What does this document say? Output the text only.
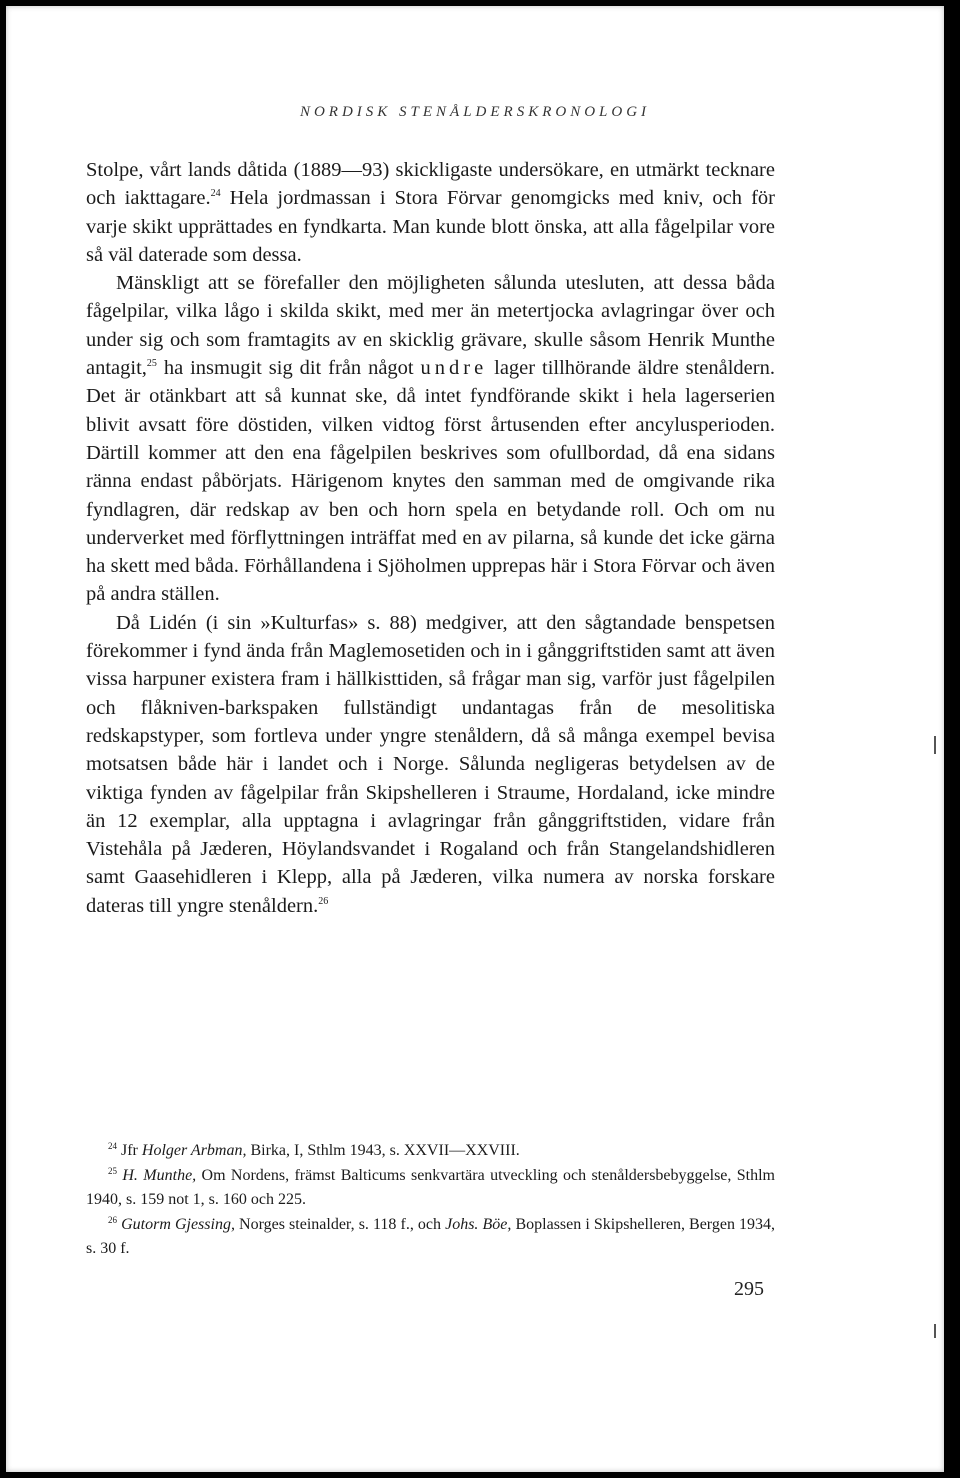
NORDISK STENÅLDERSKRONOLOGI

Stolpe, vårt lands dåtida (1889—93) skickligaste undersökare, en utmärkt tecknare och iakttagare.$^{24}$ Hela jordmassan i Stora Förvar genomgicks med kniv, och för varje skikt upprättades en fyndkarta. Man kunde blott önska, att alla fågelpilar vore så väl daterade som dessa.

Mänskligt att se förefaller den möjligheten sålunda utesluten, att dessa båda fågelpilar, vilka lågo i skilda skikt, med mer än metertjocka avlagringar över och under sig och som framtagits av en skicklig grävare, skulle såsom Henrik Munthe antagit,$^{25}$ ha insmugit sig dit från något undre lager tillhörande äldre stenåldern. Det är otänkbart att så kunnat ske, då intet fyndförande skikt i hela lagerserien blivit avsatt före döstiden, vilken vidtog först årtusenden efter ancylusperioden. Därtill kommer att den ena fågelpilen beskrives som ofullbordad, då ena sidans ränna endast påbörjats. Härigenom knytes den samman med de omgivande rika fyndlagren, där redskap av ben och horn spela en betydande roll. Och om nu underverket med förflyttningen inträffat med en av pilarna, så kunde det icke gärna ha skett med båda. Förhållandena i Sjöholmen upprepas här i Stora Förvar och även på andra ställen.

Då Lidén (i sin »Kulturfas» s. 88) medgiver, att den sågtandade benspetsen förekommer i fynd ända från Maglemosetiden och in i gånggriftstiden samt att även vissa harpuner existera fram i hällkisttiden, så frågar man sig, varför just fågelpilen och flåkniven-barkspaken fullständigt undantagas från de mesolitiska redskapstyper, som fortleva under yngre stenåldern, då så många exempel bevisa motsatsen både här i landet och i Norge. Sålunda negligeras betydelsen av de viktiga fynden av fågelpilar från Skipshelleren i Straume, Hordaland, icke mindre än 12 exemplar, alla upptagna i avlagringar från gånggriftstiden, vidare från Vistehåla på Jæderen, Höylandsvandet i Rogaland och från Stangelandshidleren samt Gaasehidleren i Klepp, alla på Jæderen, vilka numera av norska forskare dateras till yngre stenåldern.$^{26}$

$^{24}$ Jfr Holger Arbman, Birka, I, Sthlm 1943, s. XXVII—XXVIII.

$^{25}$ H. Munthe, Om Nordens, främst Balticums senkvartära utveckling och stenåldersbebyggelse, Sthlm 1940, s. 159 not 1, s. 160 och 225.

$^{26}$ Gutorm Gjessing, Norges steinalder, s. 118 f., och Johs. Böe, Boplassen i Skipshelleren, Bergen 1934, s. 30 f.

295
